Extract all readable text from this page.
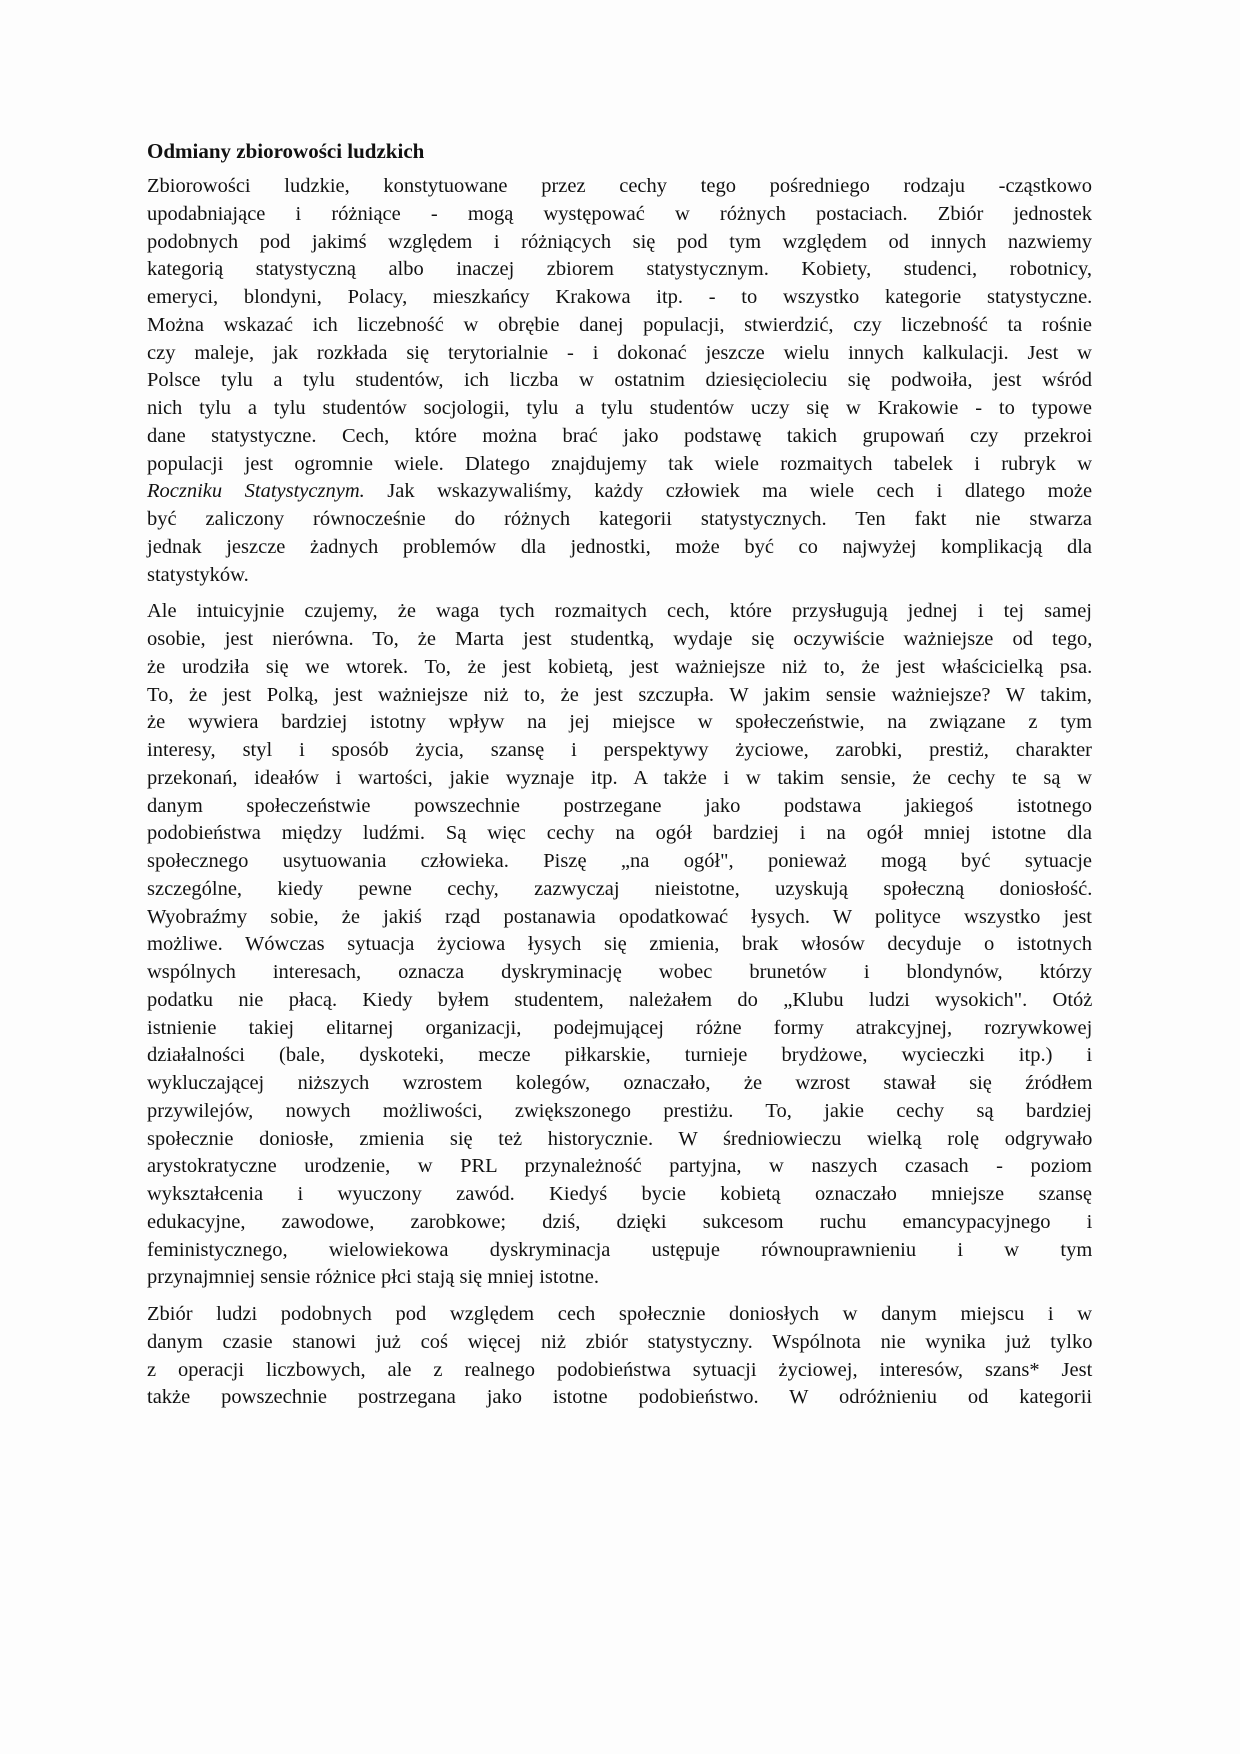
Odmiany zbiorowości ludzkich
Zbiorowości ludzkie, konstytuowane przez cechy tego pośredniego rodzaju -cząstkowo
upodabniające i różniące - mogą występować w różnych postaciach. Zbiór jednostek
podobnych pod jakimś względem i różniących się pod tym względem od innych nazwiemy
kategorią statystyczną albo inaczej zbiorem statystycznym. Kobiety, studenci, robotnicy,
emeryci, blondyni, Polacy, mieszkańcy Krakowa itp. - to wszystko kategorie statystyczne.
Można wskazać ich liczebność w obrębie danej populacji, stwierdzić, czy liczebność ta rośnie
czy maleje, jak rozkłada się terytorialnie - i dokonać jeszcze wielu innych kalkulacji. Jest w
Polsce tylu a tylu studentów, ich liczba w ostatnim dziesięcioleciu się podwoiła, jest wśród
nich tylu a tylu studentów socjologii, tylu a tylu studentów uczy się w Krakowie - to typowe
dane statystyczne. Cech, które można brać jako podstawę takich grupowań czy przekroi
populacji jest ogromnie wiele. Dlatego znajdujemy tak wiele rozmaitych tabelek i rubryk w
Roczniku Statystycznym. Jak wskazywaliśmy, każdy człowiek ma wiele cech i dlatego może
być zaliczony równocześnie do różnych kategorii statystycznych. Ten fakt nie stwarza
jednak jeszcze żadnych problemów dla jednostki, może być co najwyżej komplikacją dla
statystyków.
Ale intuicyjnie czujemy, że waga tych rozmaitych cech, które przysługują jednej i tej samej
osobie, jest nierówna. To, że Marta jest studentką, wydaje się oczywiście ważniejsze od tego,
że urodziła się we wtorek. To, że jest kobietą, jest ważniejsze niż to, że jest właścicielką psa.
To, że jest Polką, jest ważniejsze niż to, że jest szczupła. W jakim sensie ważniejsze? W takim,
że wywiera bardziej istotny wpływ na jej miejsce w społeczeństwie, na związane z tym
interesy, styl i sposób życia, szansę i perspektywy życiowe, zarobki, prestiż, charakter
przekonań, ideałów i wartości, jakie wyznaje itp. A także i w takim sensie, że cechy te są w
danym społeczeństwie powszechnie postrzegane jako podstawa jakiegoś istotnego
podobieństwa między ludźmi. Są więc cechy na ogół bardziej i na ogół mniej istotne dla
społecznego usytuowania człowieka. Piszę „na ogół", ponieważ mogą być sytuacje
szczególne, kiedy pewne cechy, zazwyczaj nieistotne, uzyskują społeczną doniosłość.
Wyobraźmy sobie, że jakiś rząd postanawia opodatkować łysych. W polityce wszystko jest
możliwe. Wówczas sytuacja życiowa łysych się zmienia, brak włosów decyduje o istotnych
wspólnych interesach, oznacza dyskryminację wobec brunetów i blondynów, którzy
podatku nie płacą. Kiedy byłem studentem, należałem do „Klubu ludzi wysokich". Otóż
istnienie takiej elitarnej organizacji, podejmującej różne formy atrakcyjnej, rozrywkowej
działalności (bale, dyskoteki, mecze piłkarskie, turnieje brydżowe, wycieczki itp.) i
wykluczającej niższych wzrostem kolegów, oznaczało, że wzrost stawał się źródłem
przywilejów, nowych możliwości, zwiększonego prestiżu. To, jakie cechy są bardziej
społecznie doniosłe, zmienia się też historycznie. W średniowieczu wielką rolę odgrywało
arystokratyczne urodzenie, w PRL przynależność partyjna, w naszych czasach - poziom
wykształcenia i wyuczony zawód. Kiedyś bycie kobietą oznaczało mniejsze szansę
edukacyjne, zawodowe, zarobkowe; dziś, dzięki sukcesom ruchu emancypacyjnego i
feministycznego, wielowiekowa dyskryminacja ustępuje równouprawnieniu i w tym
przynajmniej sensie różnice płci stają się mniej istotne.
Zbiór ludzi podobnych pod względem cech społecznie doniosłych w danym miejscu i w
danym czasie stanowi już coś więcej niż zbiór statystyczny. Wspólnota nie wynika już tylko
z operacji liczbowych, ale z realnego podobieństwa sytuacji życiowej, interesów, szans* Jest
także powszechnie postrzegana jako istotne podobieństwo. W odróżnieniu od kategorii
